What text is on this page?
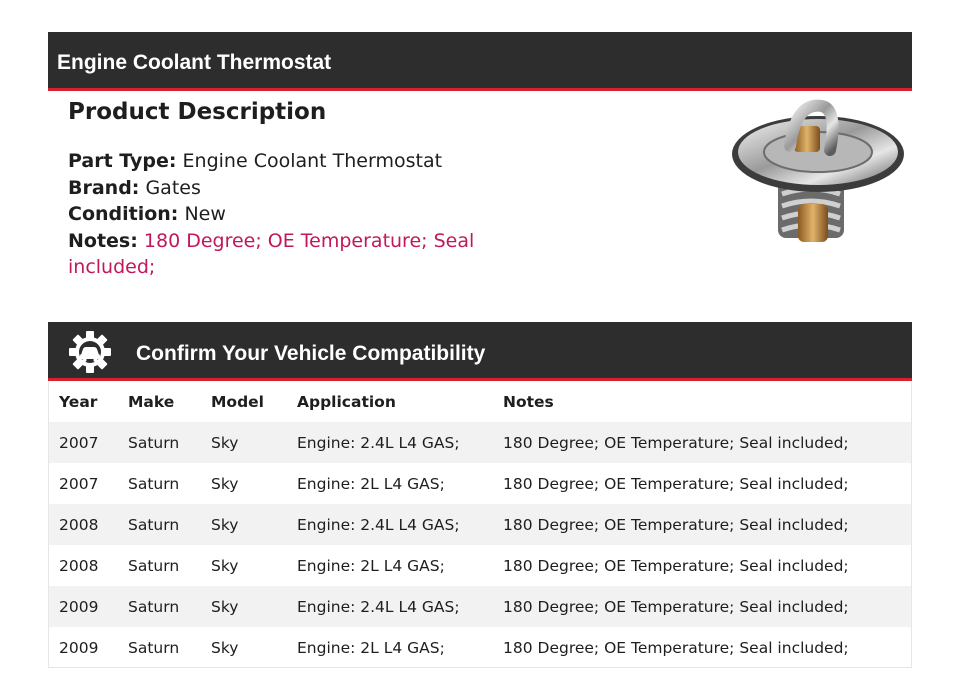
Engine Coolant Thermostat
Product Description
Part Type: Engine Coolant Thermostat
Brand: Gates
Condition: New
Notes: 180 Degree; OE Temperature; Seal included;
Confirm Your Vehicle Compatibility
Year	Make	Model	Application	Notes
2007	Saturn	Sky	Engine: 2.4L L4 GAS;	180 Degree; OE Temperature; Seal included;
2007	Saturn	Sky	Engine: 2L L4 GAS;	180 Degree; OE Temperature; Seal included;
2008	Saturn	Sky	Engine: 2.4L L4 GAS;	180 Degree; OE Temperature; Seal included;
2008	Saturn	Sky	Engine: 2L L4 GAS;	180 Degree; OE Temperature; Seal included;
2009	Saturn	Sky	Engine: 2.4L L4 GAS;	180 Degree; OE Temperature; Seal included;
2009	Saturn	Sky	Engine: 2L L4 GAS;	180 Degree; OE Temperature; Seal included;
